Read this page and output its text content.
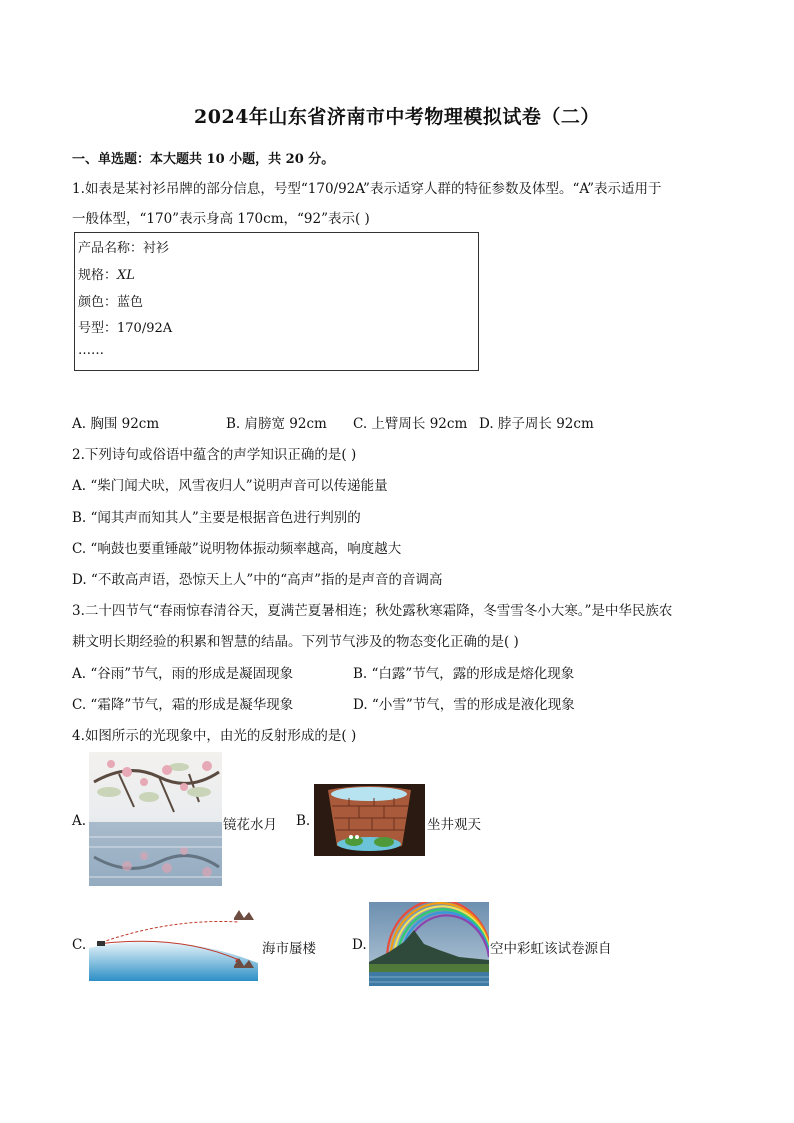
2024年山东省济南市中考物理模拟试卷（二）
一、单选题：本大题共 10 小题，共 20 分。
1.如表是某衬衫吊牌的部分信息，号型“170/92A”表示适穿人群的特征参数及体型。“A”表示适用于
一般体型，“170”表示身高 170cm，“92”表示( )
产品名称：衬衫
规格：XL
颜色：蓝色
号型：170/92A
……
A. 胸围 92cm	B. 肩膀宽 92cm C. 上臂周长 92cm D. 脖子周长 92cm
2.下列诗句或俗语中蕴含的声学知识正确的是( )
A. “柴门闻犬吠，风雪夜归人”说明声音可以传递能量
B. “闻其声而知其人”主要是根据音色进行判别的
C. “响鼓也要重锤敲”说明物体振动频率越高，响度越大
D. “不敢高声语，恐惊天上人”中的“高声”指的是声音的音调高
3.二十四节气“春雨惊春清谷天，夏满芒夏暑相连；秋处露秋寒霜降，冬雪雪冬小大寒。”是中华民族农
耕文明长期经验的积累和智慧的结晶。下列节气涉及的物态变化正确的是( )
A. “谷雨”节气，雨的形成是凝固现象	B. “白露”节气，露的形成是熔化现象
C. “霜降”节气，霜的形成是凝华现象	D. “小雪”节气，雪的形成是液化现象
4.如图所示的光现象中，由光的反射形成的是( )
A.	镜花水月 B.	坐井观天
C.	海市蜃楼	D.	空中彩虹该试卷源自
